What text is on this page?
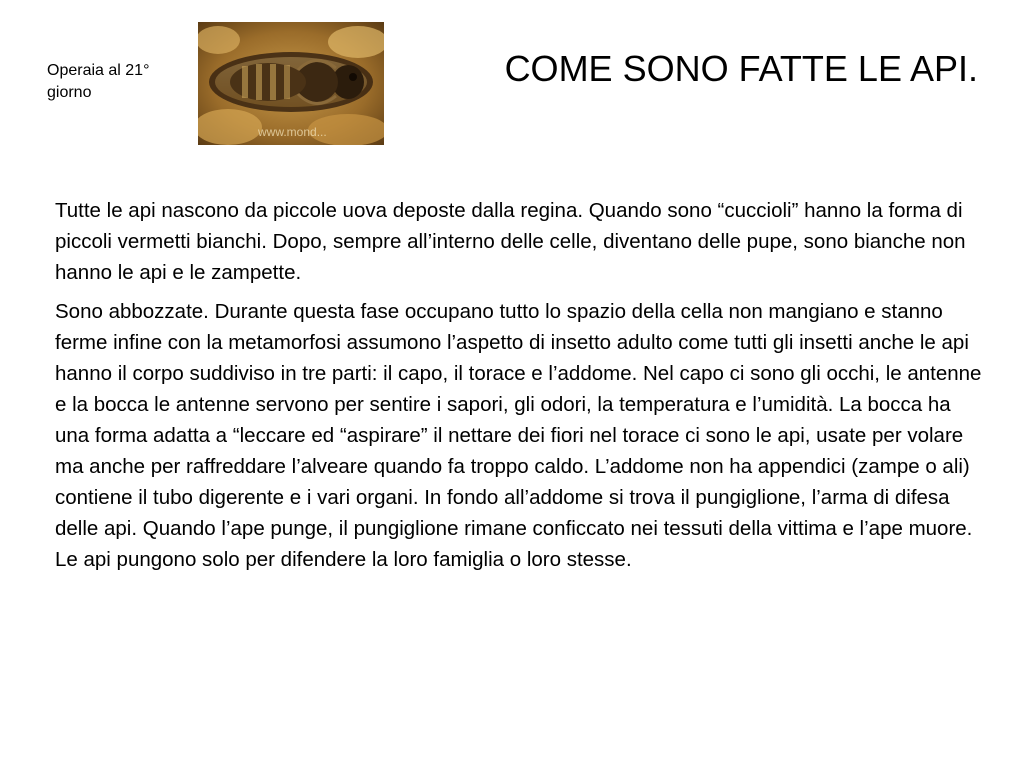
Operaia al 21° giorno
www.mond...
COME SONO FATTE LE API.

Tutte le api nascono da piccole uova deposte dalla regina. Quando sono “cuccioli” hanno la forma di piccoli vermetti bianchi. Dopo, sempre all’interno delle celle, diventano delle pupe, sono bianche non hanno le api e le zampette.

Sono abbozzate. Durante questa fase occupano tutto lo spazio della cella non mangiano e stanno ferme infine con la metamorfosi assumono l’aspetto di insetto adulto come tutti gli insetti anche le api hanno il corpo suddiviso in tre parti: il capo, il torace e l’addome. Nel capo ci sono gli occhi, le antenne e la bocca le antenne servono per sentire i sapori, gli odori, la temperatura e l’umidità. La bocca ha una forma adatta a “leccare ed “aspirare” il nettare dei fiori nel torace ci sono le api, usate per volare ma anche per raffreddare l’alveare quando fa troppo caldo. L’addome non ha appendici (zampe o ali) contiene il tubo digerente e i vari organi. In fondo all’addome si trova il pungiglione, l’arma di difesa delle api. Quando l’ape punge, il pungiglione rimane conficcato nei tessuti della vittima e l’ape muore. Le api pungono solo per difendere la loro famiglia o loro stesse.
